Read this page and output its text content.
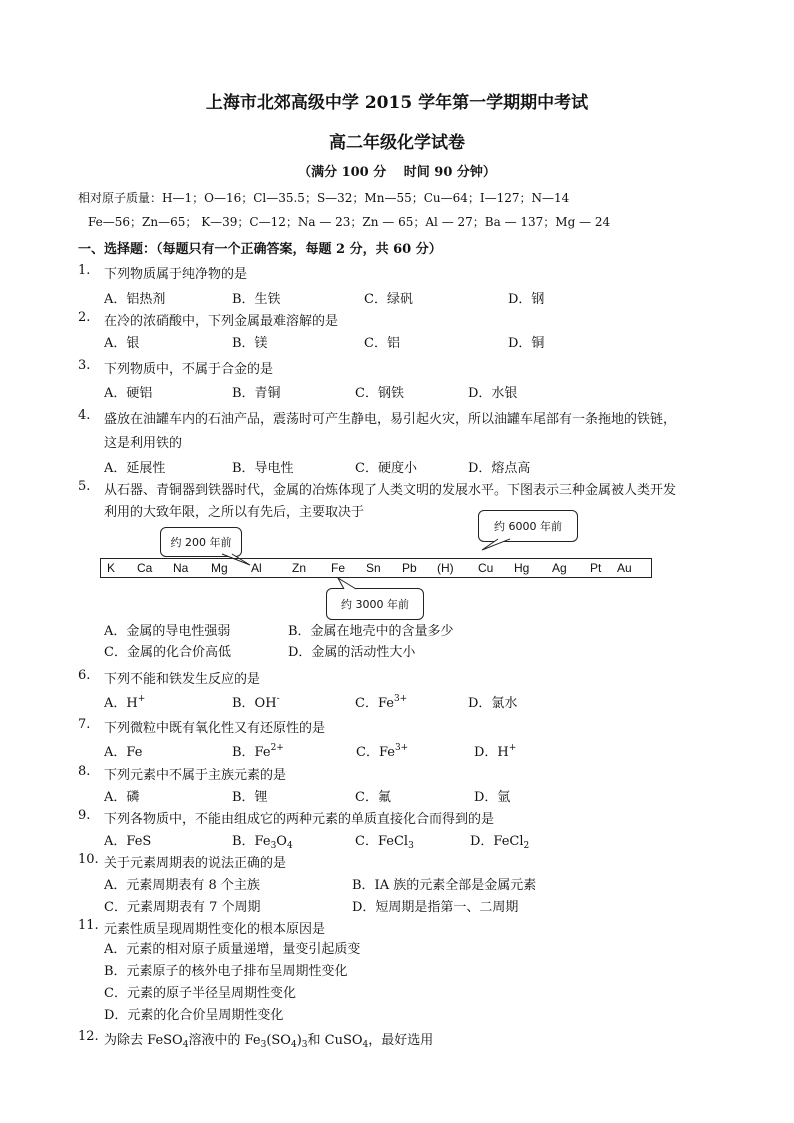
上海市北郊高级中学 2015 学年第一学期期中考试
高二年级化学试卷
（满分 100 分　 时间 90 分钟）
相对原子质量：H—1；O—16；Cl—35.5；S—32；Mn—55；Cu—64；I—127；N—14
Fe—56；Zn—65； K—39；C—12；Na — 23；Zn — 65；Al — 27；Ba — 137；Mg — 24
一、选择题：（每题只有一个正确答案，每题 2 分，共 60 分）
1. 下列物质属于纯净物的是
A．铝热剂	B．生铁	C．绿矾	D．钢
2. 在冷的浓硝酸中，下列金属最难溶解的是
A．银	B．镁	C．铝	D．铜
3. 下列物质中，不属于合金的是
A．硬铝	B．青铜	C．钢铁	D．水银
4. 盛放在油罐车内的石油产品，震荡时可产生静电，易引起火灾，所以油罐车尾部有一条拖地的铁链，
这是利用铁的
A．延展性	B．导电性	C．硬度小	D．熔点高
5. 从石器、青铜器到铁器时代，金属的冶炼体现了人类文明的发展水平。下图表示三种金属被人类开发
利用的大致年限，之所以有先后，主要取决于
约 200 年前
约 6000 年前
K Ca Na Mg Al	Zn Fe Sn Pb (H) Cu Hg Ag Pt Au
约 3000 年前
A．金属的导电性强弱	B．金属在地壳中的含量多少
C．金属的化合价高低	D．金属的活动性大小
6. 下列不能和铁发生反应的是
A．H+	B．OH-	C．$Fe^{3+}$	D．氯水
7. 下列微粒中既有氧化性又有还原性的是
A．Fe	B．$Fe^{2+}$	C．$Fe^{3+}$	D．H+
8. 下列元素中不属于主族元素的是
A．磷	B．锂	C．氟	D．氩
9. 下列各物质中，不能由组成它的两种元素的单质直接化合而得到的是
A．FeS	B．$Fe_3O_4$	C．FeCl$_3$	D．FeCl$_2$
10. 关于元素周期表的说法正确的是
A．元素周期表有 8 个主族	B．IA 族的元素全部是金属元素
C．元素周期表有 7 个周期	D．短周期是指第一、二周期
11. 元素性质呈现周期性变化的根本原因是
A．元素的相对原子质量递增，量变引起质变
B．元素原子的核外电子排布呈周期性变化
C．元素的原子半径呈周期性变化
D．元素的化合价呈周期性变化
12. 为除去 FeSO$_4$溶液中的 $Fe_3(SO_4)_3$和 CuSO$_4$，最好选用
